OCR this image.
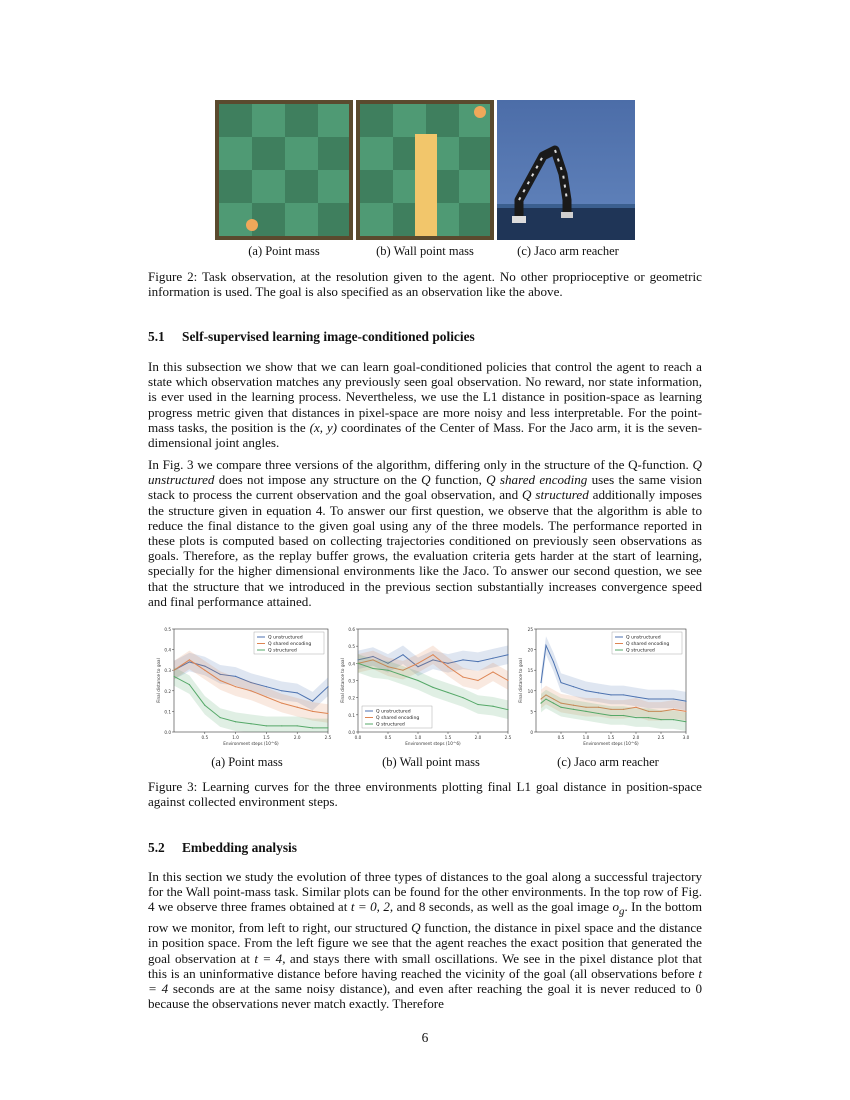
(a) Point mass	(b) Wall point mass	(c) Jaco arm reacher

Figure 2: Task observation, at the resolution given to the agent. No other proprioceptive or geometric information is used. The goal is also specified as an observation like the above.

5.1 Self-supervised learning image-conditioned policies

In this subsection we show that we can learn goal-conditioned policies that control the agent to reach a state which observation matches any previously seen goal observation. No reward, nor state information, is ever used in the learning process. Nevertheless, we use the L1 distance in position-space as learning progress metric given that distances in pixel-space are more noisy and less interpretable. For the point-mass tasks, the position is the (x, y) coordinates of the Center of Mass. For the Jaco arm, it is the seven-dimensional joint angles.

In Fig. 3 we compare three versions of the algorithm, differing only in the structure of the Q-function. Q unstructured does not impose any structure on the Q function, Q shared encoding uses the same vision stack to process the current observation and the goal observation, and Q structured additionally imposes the structure given in equation 4. To answer our first question, we observe that the algorithm is able to reduce the final distance to the given goal using any of the three models. The performance reported in these plots is computed based on collecting trajectories conditioned on previously seen observations as goals. Therefore, as the replay buffer grows, the evaluation criteria gets harder at the start of learning, specially for the higher dimensional environments like the Jaco. To answer our second question, we see that the structure that we introduced in the previous section substantially increases convergence speed and final performance attained.

0.0
0.1
0.2
0.3
0.4
0.5
0.5	1.0	1.5	2.0	2.5
Environment steps (10^6)
Final distance to goal
Q unstructured
Q shared encoding
Q structured
0.0
0.1
0.2
0.3
0.4
0.5
0.6
0.0	0.5	1.0	1.5	2.0	2.5
Environment steps (10^6)
Final distance to goal
Q unstructured
Q shared encoding
Q structured
0
5
10
15
20
25
0.5	1.0	1.5	2.0	2.5	3.0
Environment steps (10^6)
Final distance to goal
Q unstructured
Q shared encoding
Q structured
(a) Point mass	(b) Wall point mass	(c) Jaco arm reacher

Figure 3: Learning curves for the three environments plotting final L1 goal distance in position-space against collected environment steps.

5.2 Embedding analysis

In this section we study the evolution of three types of distances to the goal along a successful trajectory for the Wall point-mass task. Similar plots can be found for the other environments. In the top row of Fig. 4 we observe three frames obtained at t = 0, 2, and 8 seconds, as well as the goal image $o_g$. In the bottom row we monitor, from left to right, our structured Q function, the distance in pixel space and the distance in position space. From the left figure we see that the agent reaches the exact position that generated the goal observation at t = 4, and stays there with small oscillations. We see in the pixel distance plot that this is an uninformative distance before having reached the vicinity of the goal (all observations before t = 4 seconds are at the same noisy distance), and even after reaching the goal it is never reduced to 0 because the observations never match exactly. Therefore

6
